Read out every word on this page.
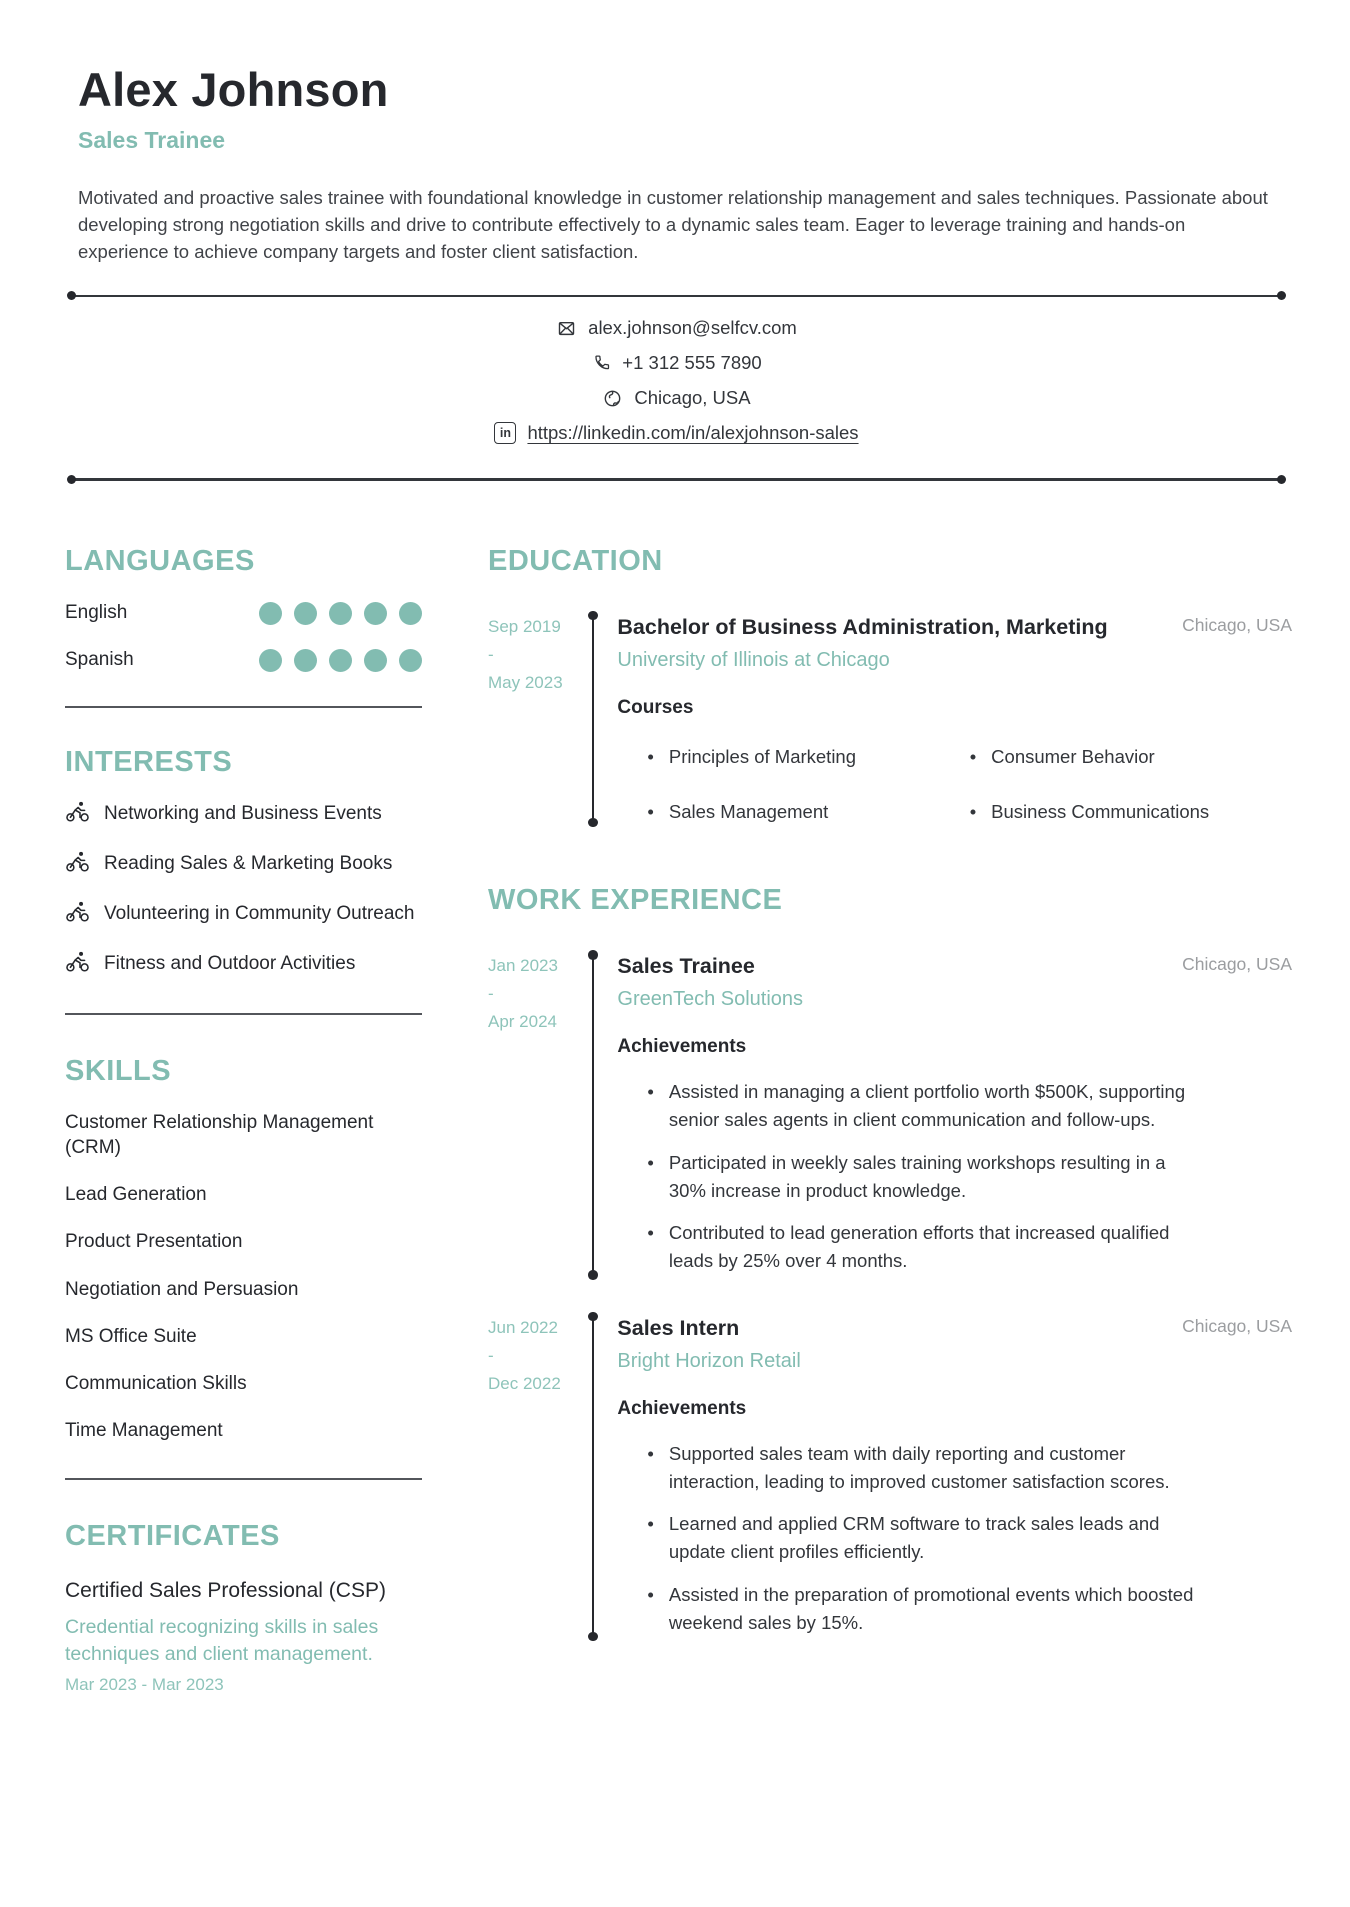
Alex Johnson
Sales Trainee
Motivated and proactive sales trainee with foundational knowledge in customer relationship management and sales techniques. Passionate about developing strong negotiation skills and drive to contribute effectively to a dynamic sales team. Eager to leverage training and hands-on experience to achieve company targets and foster client satisfaction.
alex.johnson@selfcv.com
+1 312 555 7890
Chicago, USA
in https://linkedin.com/in/alexjohnson-sales
LANGUAGES
English
Spanish
INTERESTS
Networking and Business Events
Reading Sales & Marketing Books
Volunteering in Community Outreach
Fitness and Outdoor Activities
SKILLS
Customer Relationship Management (CRM)
Lead Generation
Product Presentation
Negotiation and Persuasion
MS Office Suite
Communication Skills
Time Management
CERTIFICATES
Certified Sales Professional (CSP)
Credential recognizing skills in sales techniques and client management.
Mar 2023 - Mar 2023
EDUCATION
Sep 2019
-
May 2023
Bachelor of Business Administration, Marketing	Chicago, USA
University of Illinois at Chicago
Courses
• Principles of Marketing	• Consumer Behavior
• Sales Management	• Business Communications
WORK EXPERIENCE
Jan 2023
-
Apr 2024
Sales Trainee	Chicago, USA
GreenTech Solutions
Achievements
• Assisted in managing a client portfolio worth $500K, supporting senior sales agents in client communication and follow-ups.
• Participated in weekly sales training workshops resulting in a 30% increase in product knowledge.
• Contributed to lead generation efforts that increased qualified leads by 25% over 4 months.
Jun 2022
-
Dec 2022
Sales Intern	Chicago, USA
Bright Horizon Retail
Achievements
• Supported sales team with daily reporting and customer interaction, leading to improved customer satisfaction scores.
• Learned and applied CRM software to track sales leads and update client profiles efficiently.
• Assisted in the preparation of promotional events which boosted weekend sales by 15%.
